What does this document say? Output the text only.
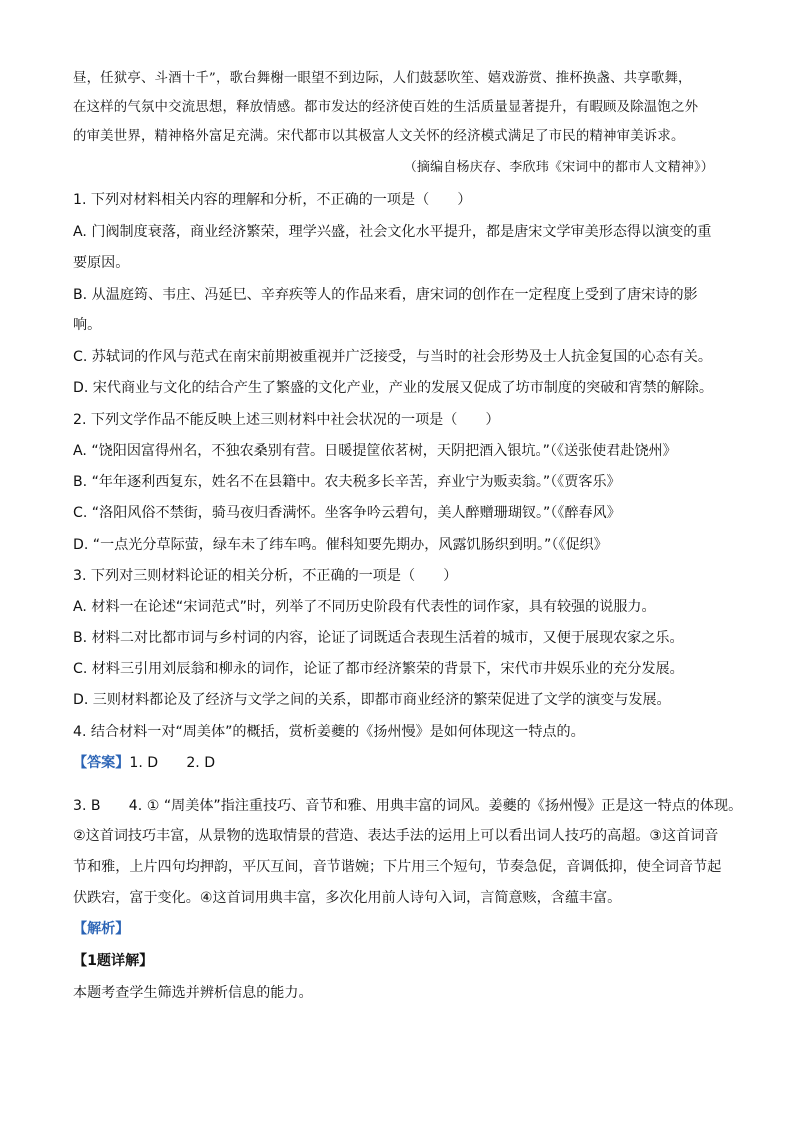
昼，任狱亭、斗酒十千”，歌台舞榭一眼望不到边际，人们鼓瑟吹笙、嬉戏游赏、推杯换盏、共享歌舞，
在这样的气氛中交流思想，释放情感。都市发达的经济使百姓的生活质量显著提升，有暇顾及除温饱之外
的审美世界，精神格外富足充满。宋代都市以其极富人文关怀的经济模式满足了市民的精神审美诉求。
（摘编自杨庆存、李欣玮《宋词中的都市人文精神》）
1. 下列对材料相关内容的理解和分析，不正确的一项是（　　）
A. 门阀制度衰落，商业经济繁荣，理学兴盛，社会文化水平提升，都是唐宋文学审美形态得以演变的重
要原因。
B. 从温庭筠、韦庄、冯延巳、辛弃疾等人的作品来看，唐宋词的创作在一定程度上受到了唐宋诗的影
响。
C. 苏轼词的作风与范式在南宋前期被重视并广泛接受，与当时的社会形势及士人抗金复国的心态有关。
D. 宋代商业与文化的结合产生了繁盛的文化产业，产业的发展又促成了坊市制度的突破和宵禁的解除。
2. 下列文学作品不能反映上述三则材料中社会状况的一项是（　　）
A. “饶阳因富得州名，不独农桑别有营。日暖提筐依茗树，天阴把酒入银坑。”（《送张使君赴饶州》
B. “年年逐利西复东，姓名不在县籍中。农夫税多长辛苦，弃业宁为贩卖翁。”（《贾客乐》
C. “洛阳风俗不禁街，骑马夜归香满怀。坐客争吟云碧句，美人醉赠珊瑚钗。”（《醉春风》
D. “一点光分草际萤，绿车未了纬车鸣。催科知要先期办，风露饥肠织到明。”（《促织》
3. 下列对三则材料论证的相关分析，不正确的一项是（　　）
A. 材料一在论述“宋词范式”时，列举了不同历史阶段有代表性的词作家，具有较强的说服力。
B. 材料二对比都市词与乡村词的内容，论证了词既适合表现生活着的城市，又便于展现农家之乐。
C. 材料三引用刘辰翁和柳永的词作，论证了都市经济繁荣的背景下，宋代市井娱乐业的充分发展。
D. 三则材料都论及了经济与文学之间的关系，即都市商业经济的繁荣促进了文学的演变与发展。
4. 结合材料一对“周美体”的概括，赏析姜夔的《扬州慢》是如何体现这一特点的。
【答案】1. D　　2. D
3. B　　4. ① “周美体”指注重技巧、音节和雅、用典丰富的词风。姜夔的《扬州慢》正是这一特点的体现。
②这首词技巧丰富，从景物的选取情景的营造、表达手法的运用上可以看出词人技巧的高超。③这首词音
节和雅，上片四句均押韵，平仄互间，音节谐婉；下片用三个短句，节奏急促，音调低抑，使全词音节起
伏跌宕，富于变化。④这首词用典丰富，多次化用前人诗句入词，言简意赅，含蕴丰富。
【解析】
【1题详解】
本题考查学生筛选并辨析信息的能力。
